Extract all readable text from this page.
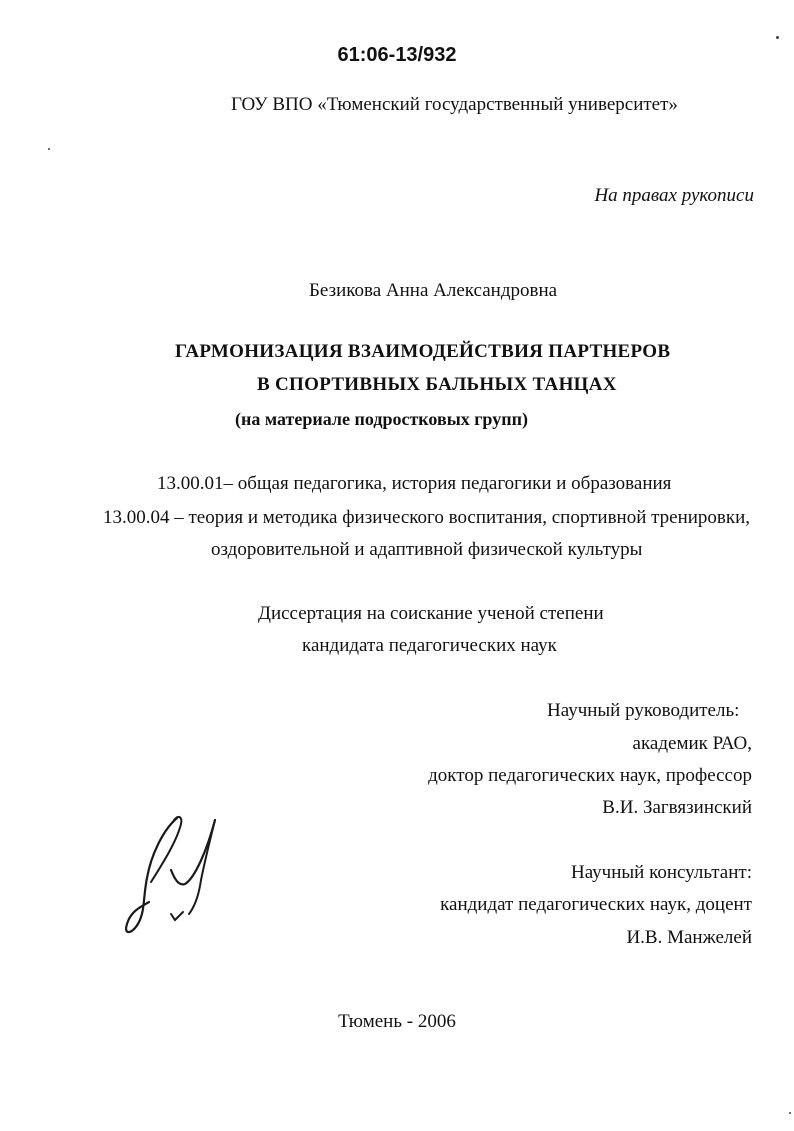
61:06-13/932
ГОУ ВПО «Тюменский государственный университет»
На правах рукописи
Безикова Анна Александровна
ГАРМОНИЗАЦИЯ ВЗАИМОДЕЙСТВИЯ ПАРТНЕРОВ
В СПОРТИВНЫХ БАЛЬНЫХ ТАНЦАХ
(на материале подростковых групп)
13.00.01– общая педагогика, история педагогики и образования
13.00.04 – теория и методика физического воспитания, спортивной тренировки,
оздоровительной и адаптивной физической культуры
Диссертация на соискание ученой степени
кандидата педагогических наук
Научный руководитель:
академик РАО,
доктор педагогических наук, профессор
В.И. Загвязинский
Научный консультант:
кандидат педагогических наук, доцент
И.В. Манжелей
Тюмень - 2006
